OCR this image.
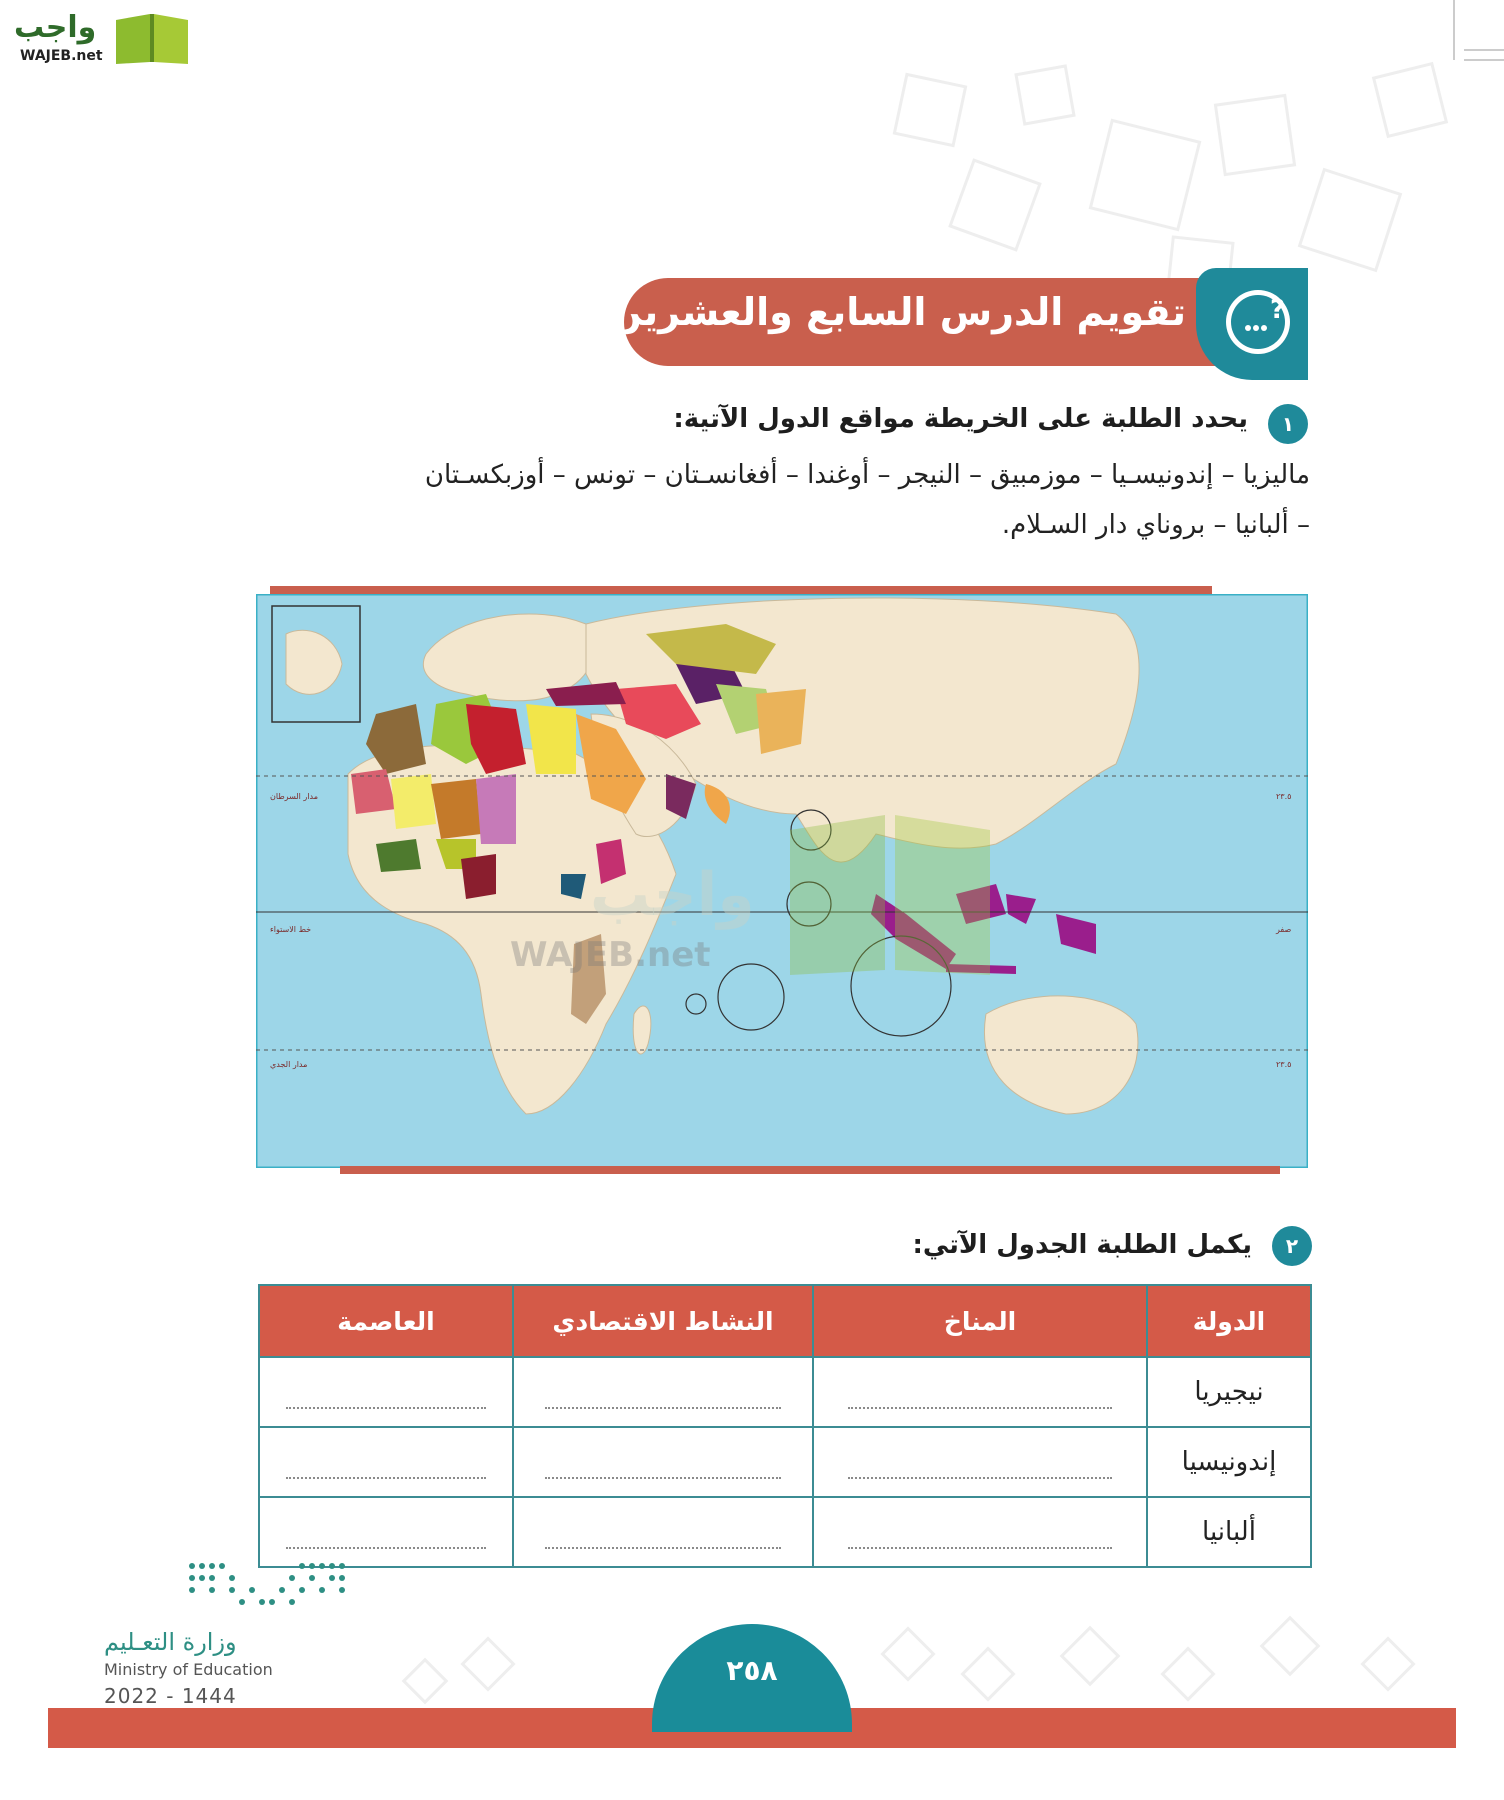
واجب
WAJEB.net
تقويم الدرس السابع والعشرين	?
١
يحدد الطلبة على الخريطة مواقع الدول الآتية:
ماليزيا – إندونيسـيا – موزمبيق – النيجر – أوغندا – أفغانسـتان – تونس – أوزبكسـتان
– ألبانيا – بروناي دار السـلام.
مدار السرطان
خط الاستواء
مدار الجدي
٢٣.٥
صفر
٢٣.٥
واجب
WAJEB.net
٢
يكمل الطلبة الجدول الآتي:
الدولة	المناخ	النشاط الاقتصادي	العاصمة
نيجيريا	

إندونيسيا	

ألبانيا	

وزارة التعـليم
Ministry of Education
2022 - 1444
٢٥٨
